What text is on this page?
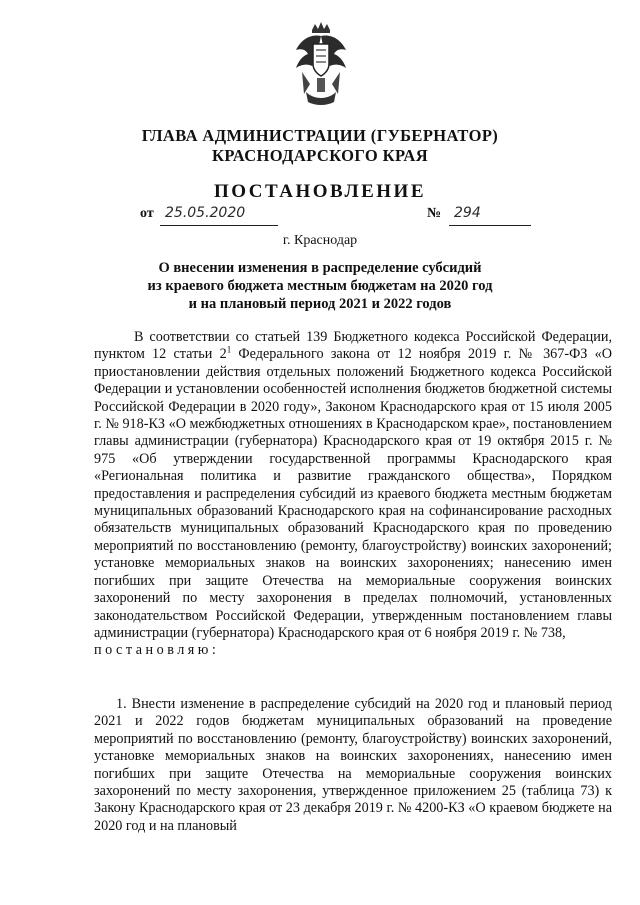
ГЛАВА АДМИНИСТРАЦИИ (ГУБЕРНАТОР)
КРАСНОДАРСКОГО КРАЯ
ПОСТАНОВЛЕНИЕ
от 25.05.2020	№ 294
г. Краснодар
О внесении изменения в распределение субсидий
из краевого бюджета местным бюджетам на 2020 год
и на плановый период 2021 и 2022 годов
В соответствии со статьей 139 Бюджетного кодекса Российской Федерации, пунктом 12 статьи $2^1$ Федерального закона от 12 ноября 2019 г. № 367-ФЗ «О приостановлении действия отдельных положений Бюджетного кодекса Российской Федерации и установлении особенностей исполнения бюджетов бюджетной системы Российской Федерации в 2020 году», Законом Краснодарского края от 15 июля 2005 г. № 918-КЗ «О межбюджетных отношениях в Краснодарском крае», постановлением главы администрации (губернатора) Краснодарского края от 19 октября 2015 г. № 975 «Об утверждении государственной программы Краснодарского края «Региональная политика и развитие гражданского общества», Порядком предоставления и распределения субсидий из краевого бюджета местным бюджетам муниципальных образований Краснодарского края на софинансирование расходных обязательств муниципальных образований Краснодарского края по проведению мероприятий по восстановлению (ремонту, благоустройству) воинских захоронений; установке мемориальных знаков на воинских захоронениях; нанесению имен погибших при защите Отечества на мемориальные сооружения воинских захоронений по месту захоронения в пределах полномочий, установленных законодательством Российской Федерации, утвержденным постановлением главы администрации (губернатора) Краснодарского края от 6 ноября 2019 г. № 738,
постановляю:
1. Внести изменение в распределение субсидий на 2020 год и плановый период 2021 и 2022 годов бюджетам муниципальных образований на проведение мероприятий по восстановлению (ремонту, благоустройству) воинских захоронений, установке мемориальных знаков на воинских захоронениях, нанесению имен погибших при защите Отечества на мемориальные сооружения воинских захоронений по месту захоронения, утвержденное приложением 25 (таблица 73) к Закону Краснодарского края от 23 декабря 2019 г. № 4200-КЗ «О краевом бюджете на 2020 год и на плановый
